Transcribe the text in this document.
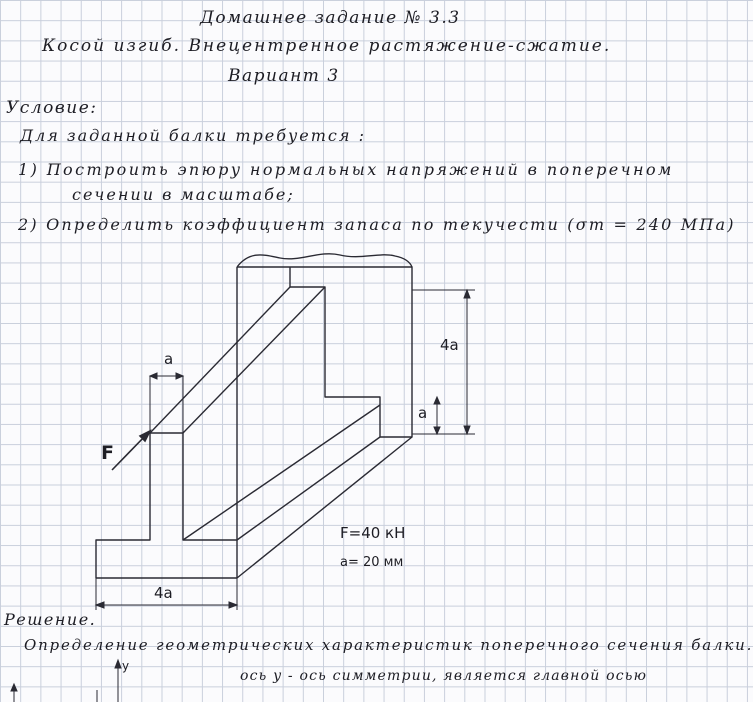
Домашнее задание № 3.3
Косой изгиб. Внецентренное растяжение-сжатие.
Вариант 3
Условие:
Для заданной балки требуется :
1) Построить эпюру нормальных напряжений в поперечном
сечении в масштабе;
2) Определить коэффициент запаса по текучести (σт = 240 МПа)
a
4a
a
4a
F
F=40 кН
a= 20 мм
y
Решение.
Определение геометрических характеристик поперечного сечения балки.
ось y - ось симметрии, является главной осью
